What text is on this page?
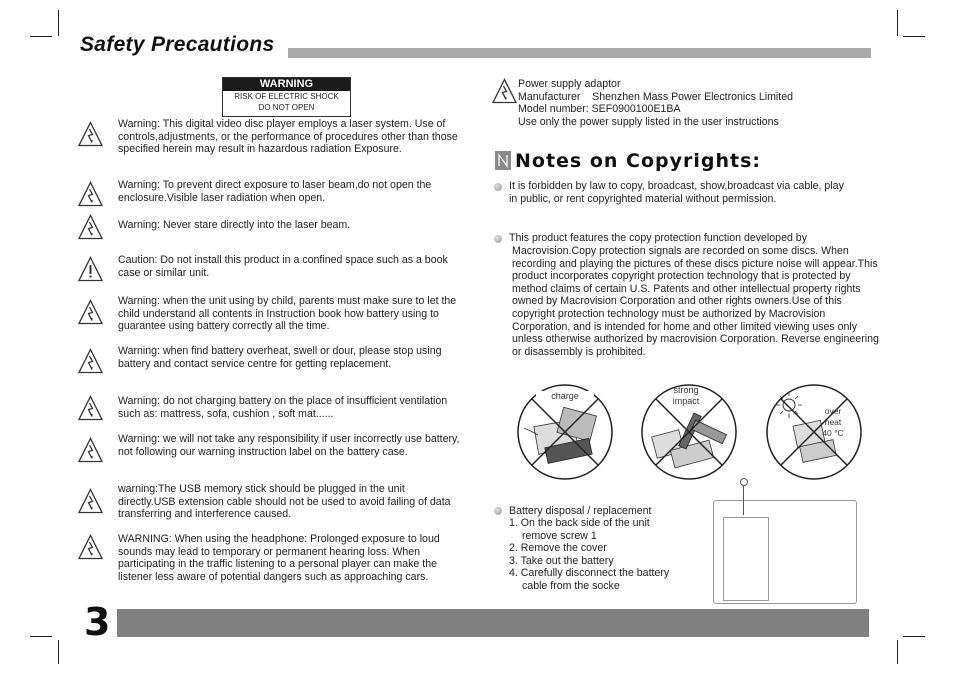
Safety Precautions
WARNING
RISK OF ELECTRIC SHOCK
DO NOT OPEN
Warning: This digital video disc player employs a laser system. Use of controls,adjustments, or the performance of procedures other than those specified herein may result in hazardous radiation Exposure.
Warning: To prevent direct exposure to laser beam,do not open the enclosure.Visible laser radiation when open.
Warning: Never stare directly into the laser beam.
Caution: Do not install this product in a confined space such as a book case or similar unit.
Warning: when the unit using by child, parents must make sure to let the child understand all contents in Instruction book how battery using to guarantee using battery correctly all the time.
Warning: when find battery overheat, swell or dour, please stop using battery and contact service centre for getting replacement.
Warning: do not charging battery on the place of insufficient ventilation such as: mattress, sofa, cushion , soft mat......
Warning: we will not take any responsibility if user incorrectly use battery, not following our warning instruction label on the battery case.
warning:The USB memory stick should be plugged in the unit directly.USB extension cable should not be used to avoid failing of data transferring and interference caused.
WARNING: When using the headphone: Prolonged exposure to loud sounds may lead to temporary or permanent hearing loss. When participating in the traffic listening to a personal player can make the listener less aware of potential dangers such as approaching cars.
Power supply adaptor
Manufacturer    Shenzhen Mass Power Electronics Limited
Model number: SEF0900100E1BA
Use only the power supply listed in the user instructions
Notes on Copyrights:
It is forbidden by law to copy, broadcast, show,broadcast via cable, play in public, or rent copyrighted material without permission.
This product features the copy protection function developed by
Macrovision.Copy protection signals are recorded on some discs. When recording and playing the pictures of these discs picture noise will appear.This product incorporates copyright protection technology that is protected by method claims of certain U.S. Patents and other intellectual property rights owned by Macrovision Corporation and other rights owners.Use of this copyright protection technology must be authorized by Macrovision Corporation, and is intended for home and other limited viewing uses only unless otherwise authorized by macrovision Corporation. Reverse engineering or disassembly is prohibited.
charge
strong
impact
over
heat
40 °C
Battery disposal / replacement
1. On the back side of the unit
remove screw 1
2. Remove the cover
3. Take out the battery
4. Carefully disconnect the battery
cable from the socke
3
